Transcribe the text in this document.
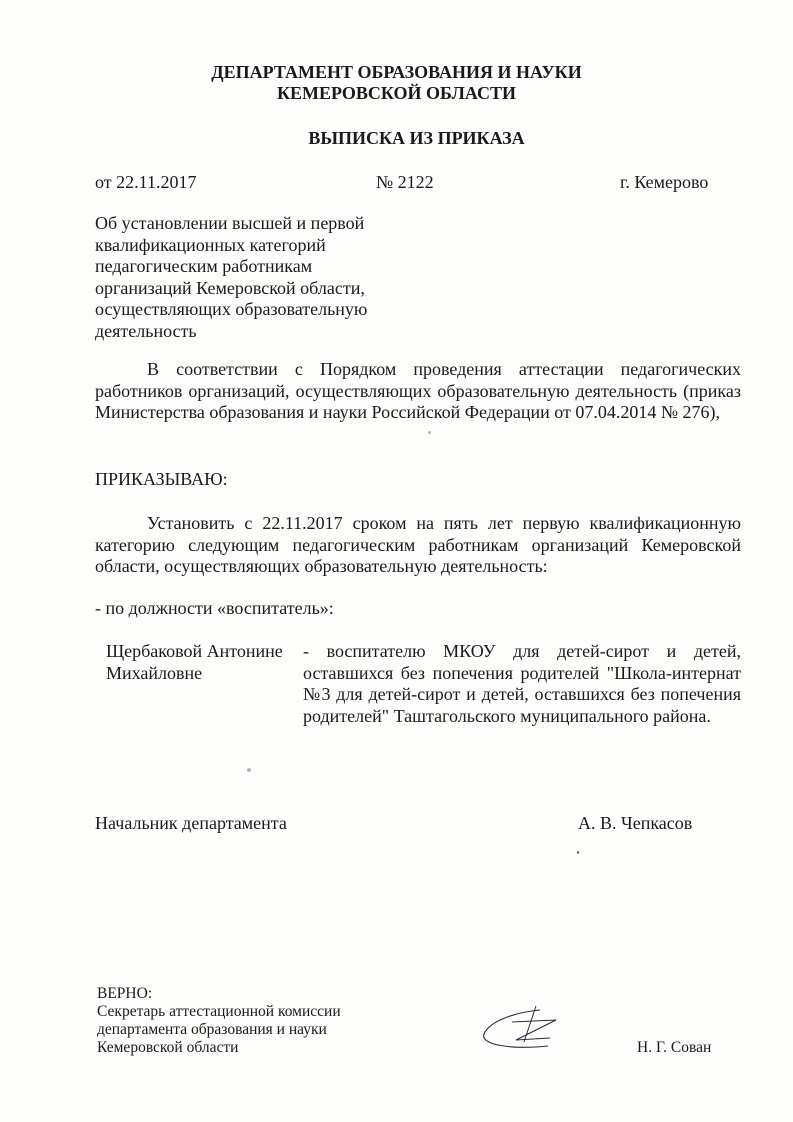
ДЕПАРТАМЕНТ ОБРАЗОВАНИЯ И НАУКИ
КЕМЕРОВСКОЙ ОБЛАСТИ
ВЫПИСКА ИЗ ПРИКАЗА
от 22.11.2017	№ 2122	г. Кемерово
Об установлении высшей и первой
квалификационных категорий
педагогическим работникам
организаций Кемеровской области,
осуществляющих образовательную
деятельность
В соответствии с Порядком проведения аттестации педагогических работников организаций, осуществляющих образовательную деятельность (приказ Министерства образования и науки Российской Федерации от 07.04.2014 № 276),
ПРИКАЗЫВАЮ:
Установить с 22.11.2017 сроком на пять лет первую квалификационную категорию следующим педагогическим работникам организаций Кемеровской области, осуществляющих образовательную деятельность:
- по должности «воспитатель»:
Щербаковой Антонине
Михайловне
- воспитателю МКОУ для детей-сирот и детей, оставшихся без попечения родителей "Школа-интернат №3 для детей-сирот и детей, оставшихся без попечения родителей" Таштагольского муниципального района.
Начальник департамента	А. В. Чепкасов
ВЕРНО:
Секретарь аттестационной комиссии
департамента образования и науки
Кемеровской области	Н. Г. Сован
